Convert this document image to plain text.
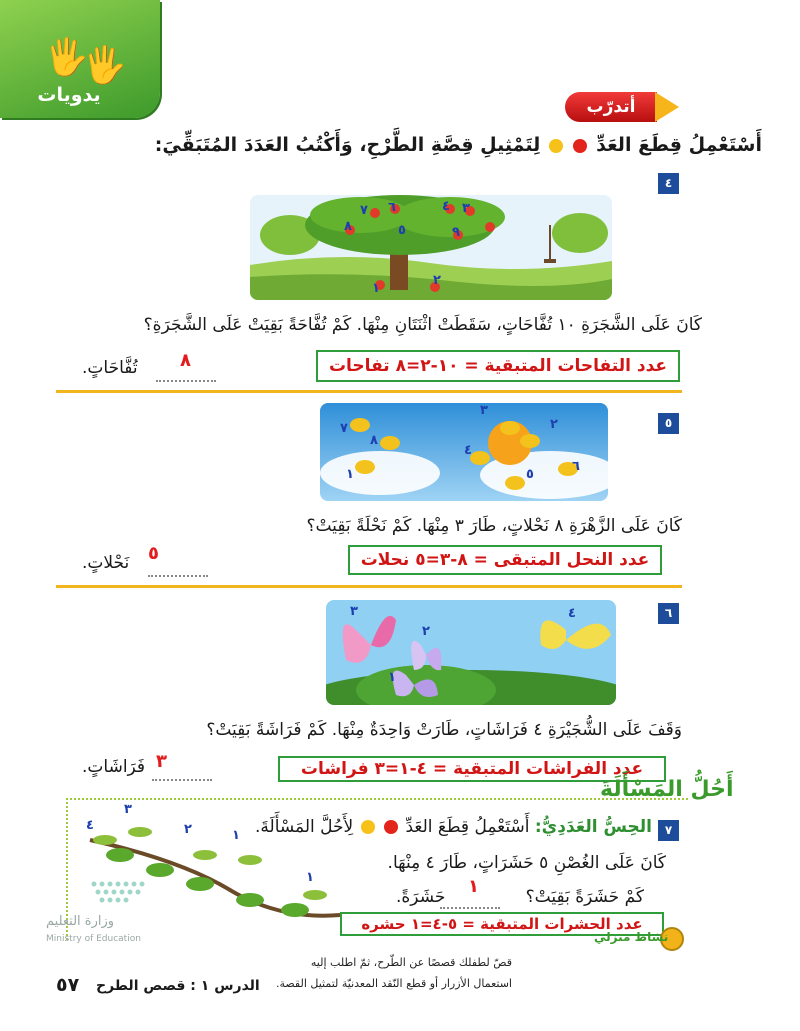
🖐
🖐
يدويات
أتدرّب
أَسْتَعْمِلُ قِطَعَ العَدِّ   لِتَمْثِيلِ قِصَّةِ الطَّرْحِ، وَأَكْتُبُ العَدَدَ المُتَبَقِّيَ:
٤
٧ ٦	٤ ٣
٥	٩
٨
١
٢
كَانَ عَلَى الشَّجَرَةِ ١٠ تُفَّاحَاتٍ، سَقَطَتْ اثْنَتَانِ مِنْهَا. كَمْ تُفَّاحَةً بَقِيَتْ عَلَى الشَّجَرَةِ؟
تُفَّاحَاتٍ. ٨	عدد التفاحات المتبقية = ١٠-٢=٨ تفاحات
٥
٣
٢
٧
٤
٨
١
٦
٥
كَانَ عَلَى الزَّهْرَةِ ٨ نَحْلاتٍ، طَارَ ٣ مِنْهَا. كَمْ نَحْلَةً بَقِيَتْ؟
نَحْلاتٍ. ٥	عدد النحل المتبقى = ٨-٣=٥ نحلات
٦
٣
٢
١
٤
وَقَفَ عَلَى الشُّجَيْرَةِ ٤ فَرَاشَاتٍ، طَارَتْ وَاحِدَةٌ مِنْهَا. كَمْ فَرَاشَةً بَقِيَتْ؟
فَرَاشَاتٍ. ٣	عدد الفراشات المتبقية = ٤-١=٣ فراشات
أَحُلُّ المَسْأَلَةَ
٧
الحِسُّ العَدَدِيُّ: أَسْتَعْمِلُ قِطَعَ العَدِّ   لِأَحُلَّ المَسْأَلَةَ.
كَانَ عَلَى الغُصْنِ ٥ حَشَرَاتٍ، طَارَ ٤ مِنْهَا.
كَمْ حَشَرَةً بَقِيَتْ؟
حَشَرَةً. ١
٣
٤	٢	١
١
عدد الحشرات المتبقية = ٥-٤=١ حشره
نشاط منزلي
قصّ لطفلك قصصًا عن الطّرح، ثمّ اطلب إليه
استعمال الأزرار أو قطع النّقد المعدنيّة لتمثيل القصة.
وزارة التعليم
Ministry of Education
الدرس ١ : قصص الطرح
٥٧
